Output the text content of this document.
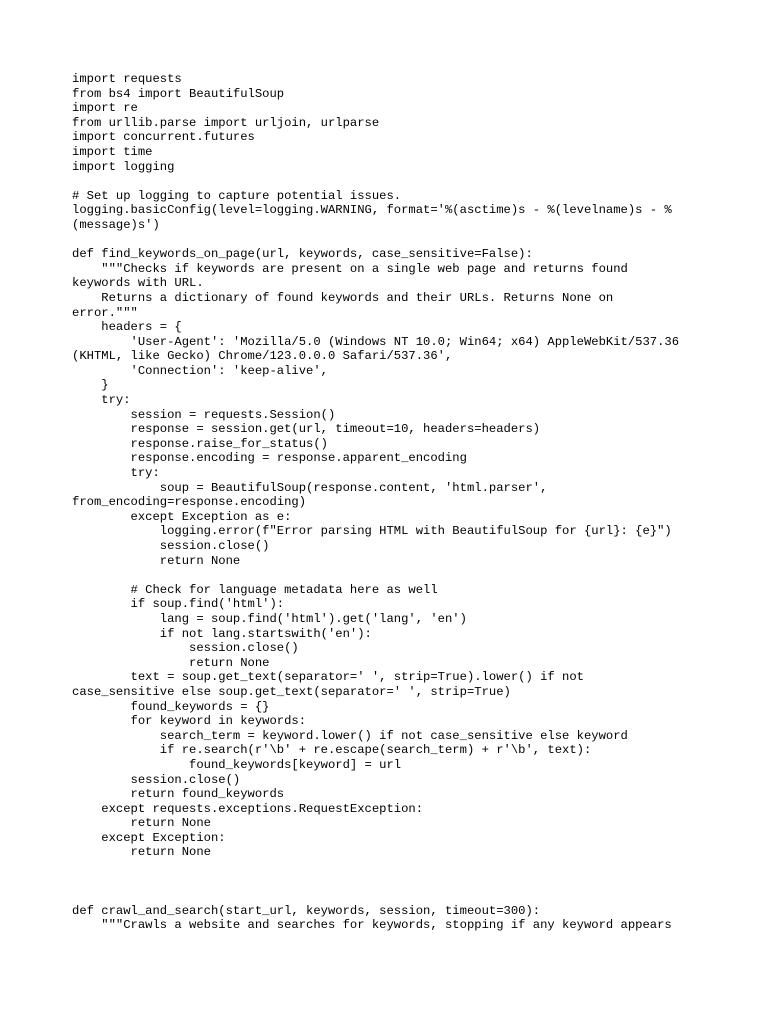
import requests
from bs4 import BeautifulSoup
import re
from urllib.parse import urljoin, urlparse
import concurrent.futures
import time
import logging
# Set up logging to capture potential issues.
logging.basicConfig(level=logging.WARNING, format='%(asctime)s - %(levelname)s - %
(message)s')
def find_keywords_on_page(url, keywords, case_sensitive=False):
"""Checks if keywords are present on a single web page and returns found
keywords with URL.
Returns a dictionary of found keywords and their URLs. Returns None on
error."""
headers = {
'User-Agent': 'Mozilla/5.0 (Windows NT 10.0; Win64; x64) AppleWebKit/537.36
(KHTML, like Gecko) Chrome/123.0.0.0 Safari/537.36',
'Connection': 'keep-alive',
}
try:
session = requests.Session()
response = session.get(url, timeout=10, headers=headers)
response.raise_for_status()
response.encoding = response.apparent_encoding
try:
soup = BeautifulSoup(response.content, 'html.parser',
from_encoding=response.encoding)
except Exception as e:
logging.error(f"Error parsing HTML with BeautifulSoup for {url}: {e}")
session.close()
return None
# Check for language metadata here as well
if soup.find('html'):
lang = soup.find('html').get('lang', 'en')
if not lang.startswith('en'):
session.close()
return None
text = soup.get_text(separator=' ', strip=True).lower() if not
case_sensitive else soup.get_text(separator=' ', strip=True)
found_keywords = {}
for keyword in keywords:
search_term = keyword.lower() if not case_sensitive else keyword
if re.search(r'\b' + re.escape(search_term) + r'\b', text):
found_keywords[keyword] = url
session.close()
return found_keywords
except requests.exceptions.RequestException:
return None
except Exception:
return None
def crawl_and_search(start_url, keywords, session, timeout=300):
"""Crawls a website and searches for keywords, stopping if any keyword appears
